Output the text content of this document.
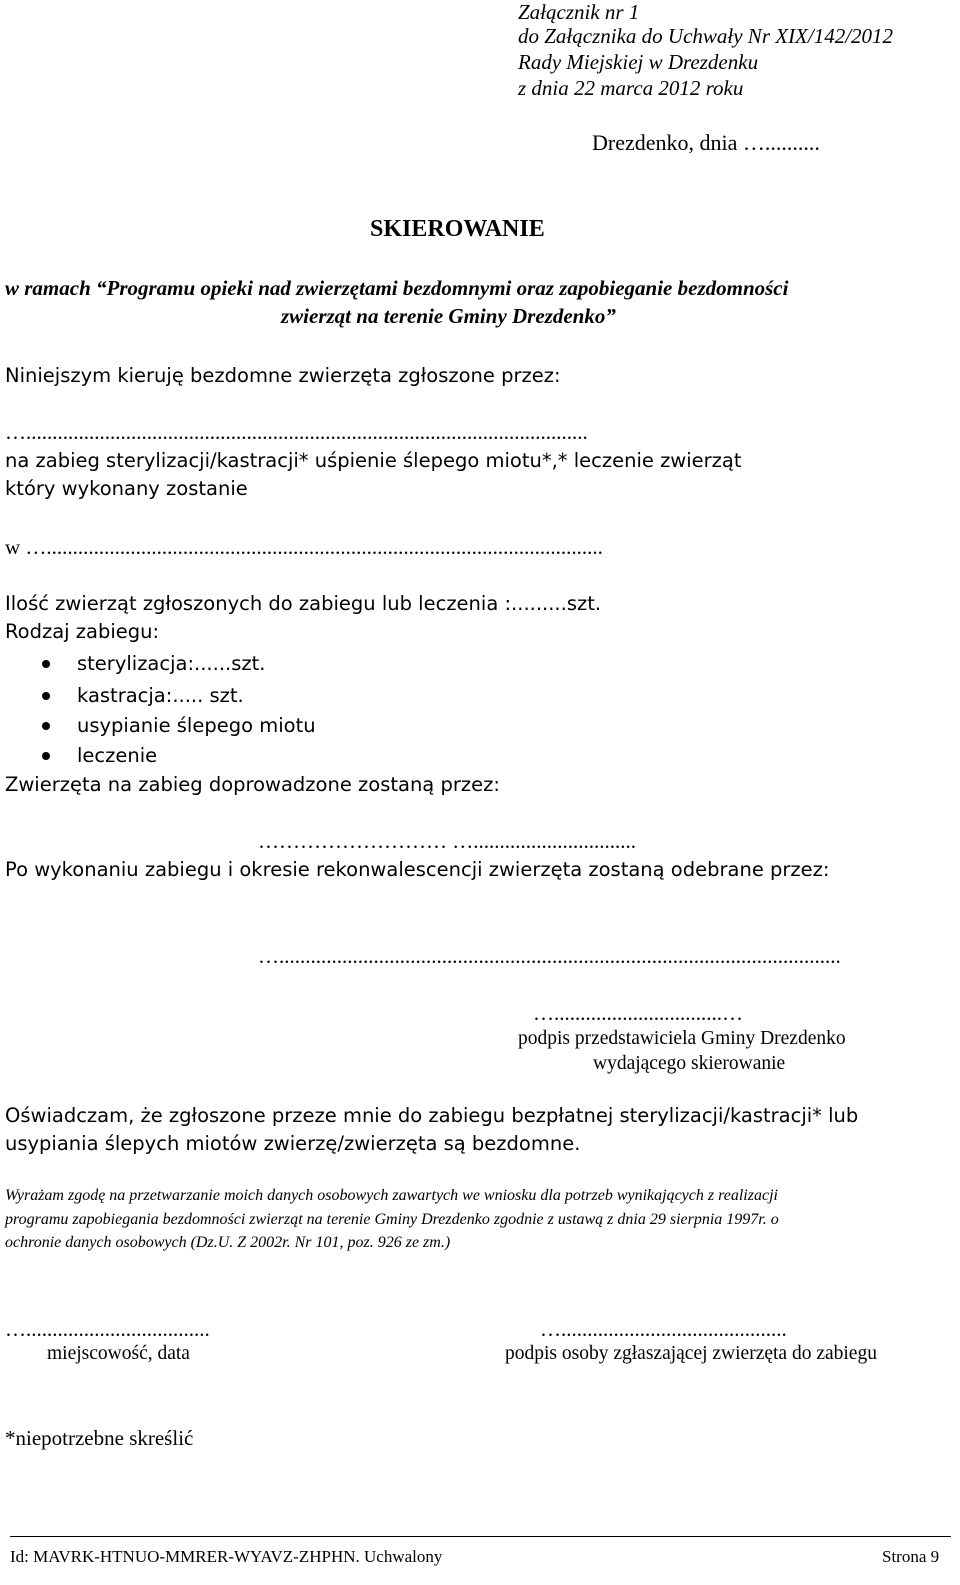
Załącznik nr 1
do Załącznika do Uchwały Nr XIX/142/2012
Rady Miejskiej w Drezdenku
z dnia 22 marca 2012 roku
Drezdenko, dnia …..........
SKIEROWANIE
w ramach “Programu opieki nad zwierzętami bezdomnymi oraz zapobieganie bezdomności
zwierząt na terenie Gminy Drezdenko”
Niniejszym kieruję bezdomne zwierzęta zgłoszone przez:
…...........................................................................................................
na zabieg sterylizacji/kastracji* uśpienie ślepego miotu*,* leczenie zwierząt
który wykonany zostanie
w …..........................................................................................................
Ilość zwierząt zgłoszonych do zabiegu lub leczenia :.........szt.
Rodzaj zabiegu:
sterylizacja:......szt.
kastracja:..... szt.
usypianie ślepego miotu
leczenie
Zwierzęta na zabieg doprowadzone zostaną przez:
……………………… …...............................
Po wykonaniu zabiegu i okresie rekonwalescencji zwierzęta zostaną odebrane przez:
…...........................................................................................................
…................................…
podpis przedstawiciela Gminy Drezdenko
wydającego skierowanie
Oświadczam, że zgłoszone przeze mnie do zabiegu bezpłatnej sterylizacji/kastracji* lub
usypiania ślepych miotów zwierzę/zwierzęta są bezdomne.
Wyrażam zgodę na przetwarzanie moich danych osobowych zawartych we wniosku dla potrzeb wynikających z realizacji
programu zapobiegania bezdomności zwierząt na terenie Gminy Drezdenko zgodnie z ustawą z dnia 29 sierpnia 1997r. o
ochronie danych osobowych (Dz.U. Z 2002r. Nr 101, poz. 926 ze zm.)
…...................................
miejscowość, data
…...........................................
podpis osoby zgłaszającej zwierzęta do zabiegu
*niepotrzebne skreślić
Id: MAVRK-HTNUO-MMRER-WYAVZ-ZHPHN. Uchwalony	Strona 9
